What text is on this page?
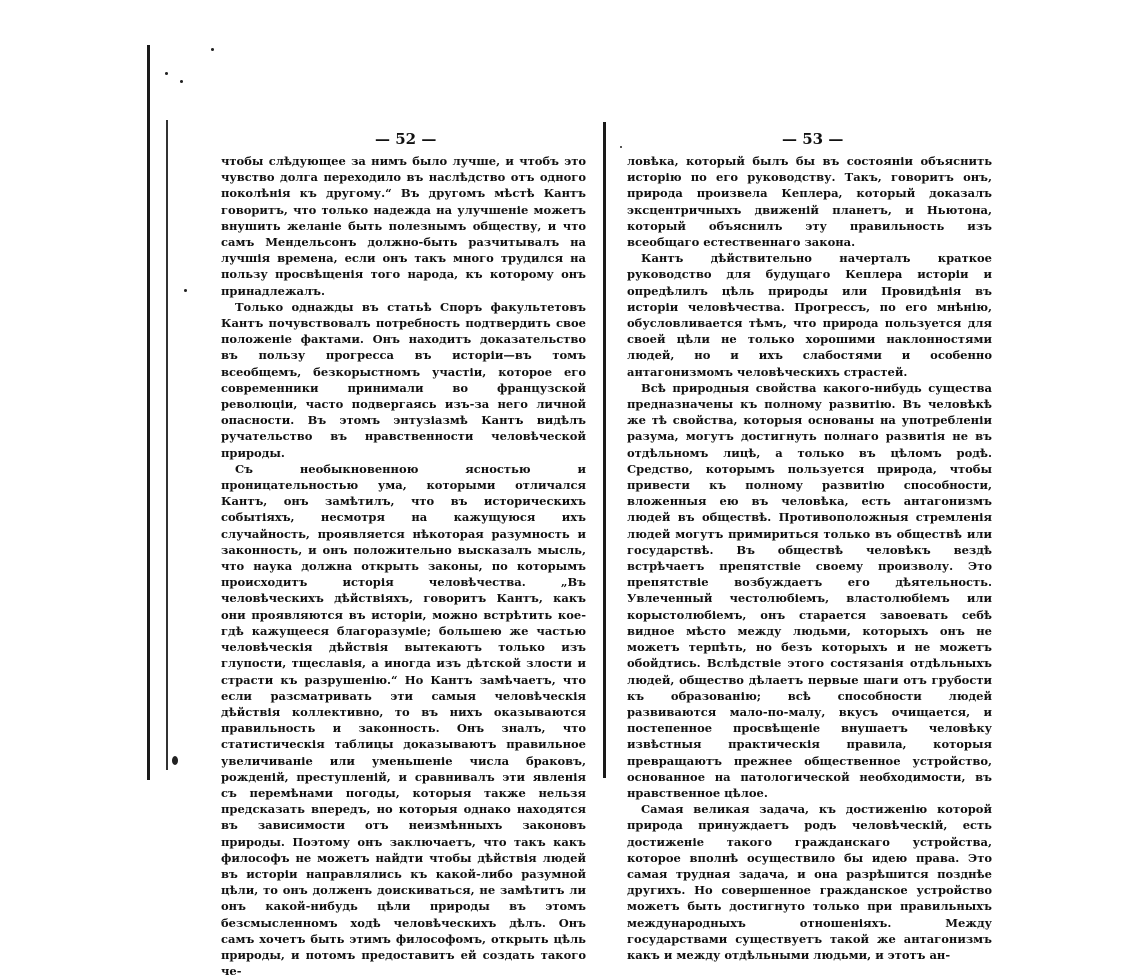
— 52 —

чтобы слѣдующее за нимъ было лучше, и чтобъ это чувство долга переходило въ наслѣдство отъ одного поколѣнія къ другому.“ Въ другомъ мѣстѣ Кантъ говоритъ, что только надежда на улучшеніе можетъ внушить желаніе быть полезнымъ обществу, и что самъ Мендельсонъ должно-быть разчитывалъ на лучшія времена, если онъ такъ много трудился на пользу просвѣщенія того народа, къ которому онъ принадлежалъ.

Только однажды въ статьѣ Споръ факультетовъ Кантъ почувствовалъ потребность подтвердить свое положеніе фактами. Онъ находитъ доказательство въ пользу прогресса въ исторіи—въ томъ всеобщемъ, безкорыстномъ участіи, которое его современники принимали во французской революціи, часто подвергаясь изъ-за него личной опасности. Въ этомъ энтузіазмѣ Кантъ видѣлъ ручательство въ нравственности человѣческой природы.

Съ необыкновенною ясностью и проницательностью ума, которыми отличался Кантъ, онъ замѣтилъ, что въ историческихъ событіяхъ, несмотря на кажущуюся ихъ случайность, проявляется нѣкоторая разумность и законность, и онъ положительно высказалъ мысль, что наука должна открыть законы, по которымъ происходитъ исторія человѣчества. „Въ человѣческихъ дѣйствіяхъ, говоритъ Кантъ, какъ они проявляются въ исторіи, можно встрѣтить кое-гдѣ кажущееся благоразуміе; большею же частью человѣческія дѣйствія вытекаютъ только изъ глупости, тщеславія, а иногда изъ дѣтской злости и страсти къ разрушенію.“ Но Кантъ замѣчаетъ, что если разсматривать эти самыя человѣческія дѣйствія коллективно, то въ нихъ оказываются правильность и законность. Онъ зналъ, что статистическія таблицы доказываютъ правильное увеличиваніе или уменьшеніе числа браковъ, рожденій, преступленій, и сравнивалъ эти явленія съ перемѣнами погоды, которыя также нельзя предсказать впередъ, но которыя однако находятся въ зависимости отъ неизмѣнныхъ законовъ природы. Поэтому онъ заключаетъ, что такъ какъ философъ не можетъ найдти чтобы дѣйствія людей въ исторіи направлялись къ какой-либо разумной цѣли, то онъ долженъ доискиваться, не замѣтитъ ли онъ какой-нибудь цѣли природы въ этомъ безсмысленномъ ходѣ человѣческихъ дѣлъ. Онъ самъ хочетъ быть этимъ философомъ, открыть цѣль природы, и потомъ предоставитъ ей создать такого че-

— 53 —

ловѣка, который былъ бы въ состояніи объяснить исторію по его руководству. Такъ, говоритъ онъ, природа произвела Кеплера, который доказалъ эксцентричныхъ движеній планетъ, и Ньютона, который объяснилъ эту правильность изъ всеобщаго естественнаго закона.

Кантъ дѣйствительно начерталъ краткое руководство для будущаго Кеплера исторіи и опредѣлилъ цѣль природы или Провидѣнія въ исторіи человѣчества. Прогрессъ, по его мнѣнію, обусловливается тѣмъ, что природа пользуется для своей цѣли не только хорошими наклонностями людей, но и ихъ слабостями и особенно антагонизмомъ человѣческихъ страстей.

Всѣ природныя свойства какого-нибудь существа предназначены къ полному развитію. Въ человѣкѣ же тѣ свойства, которыя основаны на употребленіи разума, могутъ достигнуть полнаго развитія не въ отдѣльномъ лицѣ, а только въ цѣломъ родѣ. Средство, которымъ пользуется природа, чтобы привести къ полному развитію способности, вложенныя ею въ человѣка, есть антагонизмъ людей въ обществѣ. Противоположныя стремленія людей могутъ примириться только въ обществѣ или государствѣ. Въ обществѣ человѣкъ вездѣ встрѣчаетъ препятствіе своему произволу. Это препятствіе возбуждаетъ его дѣятельность. Увлеченный честолюбіемъ, властолюбіемъ или корыстолюбіемъ, онъ старается завоевать себѣ видное мѣсто между людьми, которыхъ онъ не можетъ терпѣть, но безъ которыхъ и не можетъ обойдтись. Вслѣдствіе этого состязанія отдѣльныхъ людей, общество дѣлаетъ первые шаги отъ грубости къ образованію; всѣ способности людей развиваются мало-по-малу, вкусъ очищается, и постепенное просвѣщеніе внушаетъ человѣку извѣстныя практическія правила, которыя превращаютъ прежнее общественное устройство, основанное на патологической необходимости, въ нравственное цѣлое.

Самая великая задача, къ достиженію которой природа принуждаетъ родъ человѣческій, есть достиженіе такого гражданскаго устройства, которое вполнѣ осуществило бы идею права. Это самая трудная задача, и она разрѣшится позднѣе другихъ. Но совершенное гражданское устройство можетъ быть достигнуто только при правильныхъ международныхъ отношеніяхъ. Между государствами существуетъ такой же антагонизмъ какъ и между отдѣльными людьми, и этотъ ан-
